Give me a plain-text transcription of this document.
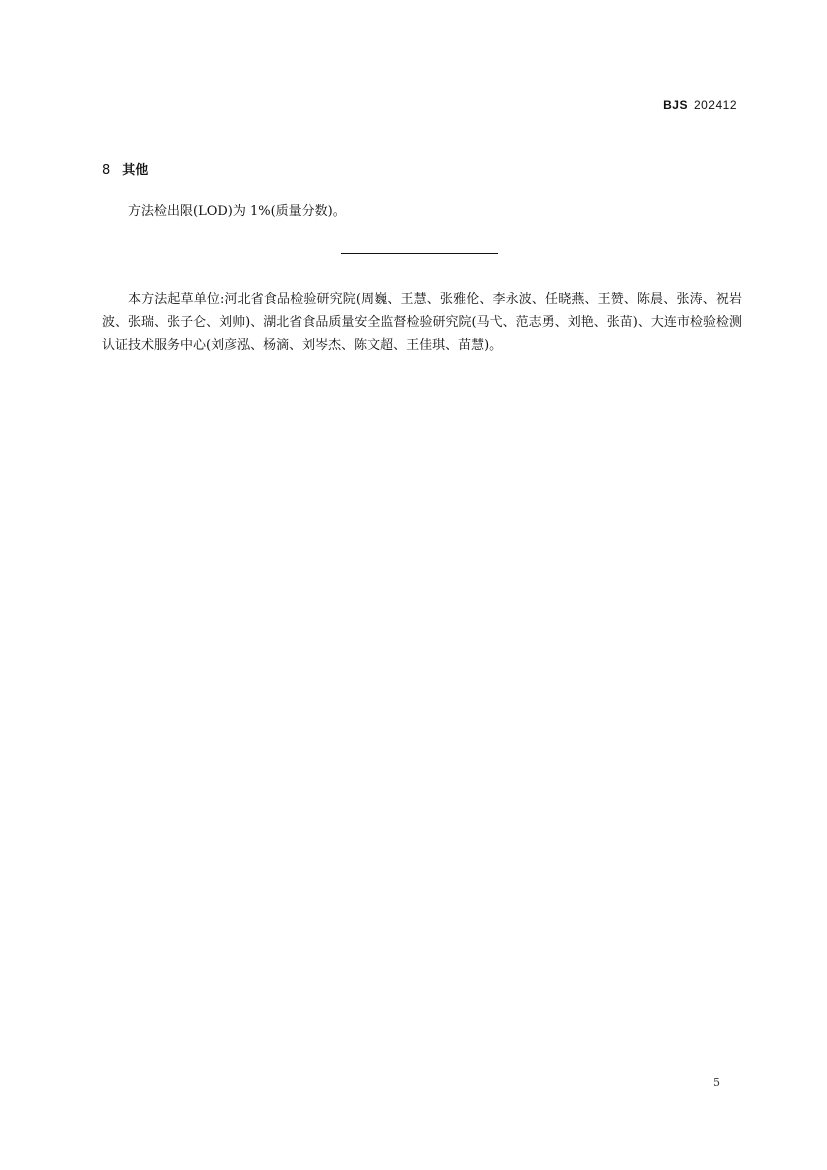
BJS 202412
8 其他
方法检出限(LOD)为 1%(质量分数)。
本方法起草单位:河北省食品检验研究院(周巍、王慧、张雅伦、李永波、任晓燕、王赞、陈晨、张涛、祝岩波、张瑞、张子仑、刘帅)、湖北省食品质量安全监督检验研究院(马弋、范志勇、刘艳、张苗)、大连市检验检测认证技术服务中心(刘彦泓、杨滴、刘岑杰、陈文超、王佳琪、苗慧)。
5
